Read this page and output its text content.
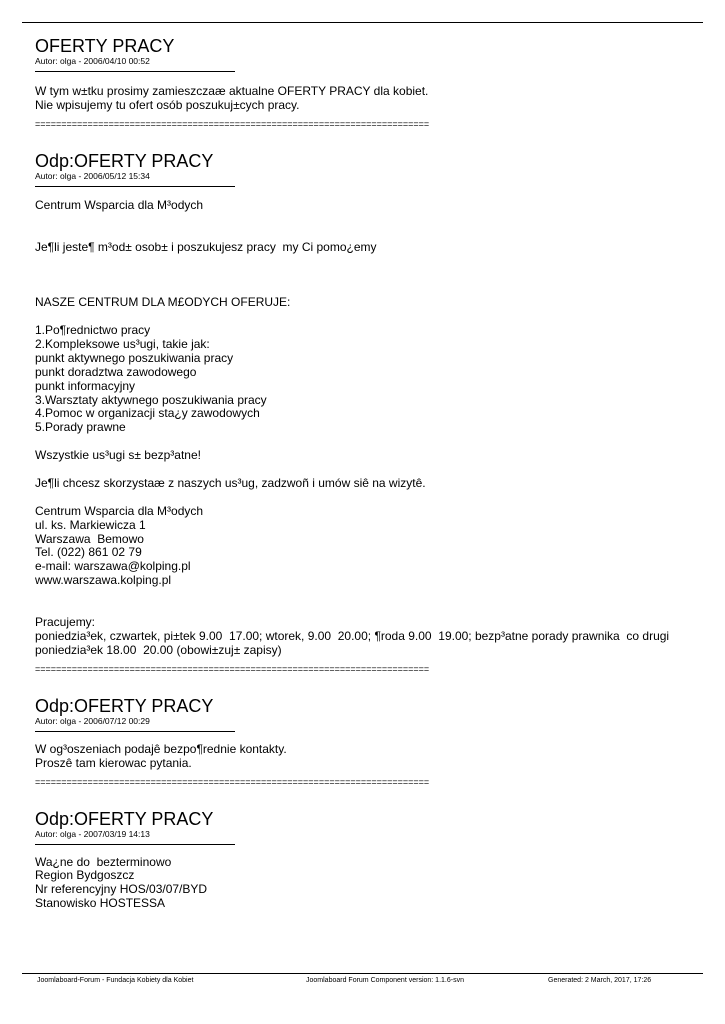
OFERTY PRACY

Autor: olga - 2006/04/10 00:52

W tym w±tku prosimy zamieszczaæ aktualne OFERTY PRACY dla kobiet.
Nie wpisujemy tu ofert osób poszukuj±cych pracy.

===========================================================================

Odp:OFERTY PRACY

Autor: olga - 2006/05/12 15:34

Centrum Wsparcia dla M³odych

Je¶li jeste¶ m³od± osob± i poszukujesz pracy  my Ci pomo¿emy

NASZE CENTRUM DLA M£ODYCH OFERUJE:

1.Po¶rednictwo pracy
2.Kompleksowe us³ugi, takie jak:
punkt aktywnego poszukiwania pracy
punkt doradztwa zawodowego
punkt informacyjny
3.Warsztaty aktywnego poszukiwania pracy
4.Pomoc w organizacji sta¿y zawodowych
5.Porady prawne

Wszystkie us³ugi s± bezp³atne!

Je¶li chcesz skorzystaæ z naszych us³ug, zadzwoñ i umów siê na wizytê.

Centrum Wsparcia dla M³odych
ul. ks. Markiewicza 1
Warszawa  Bemowo
Tel. (022) 861 02 79
e-mail: warszawa@kolping.pl
www.warszawa.kolping.pl

Pracujemy:
poniedzia³ek, czwartek, pi±tek 9.00  17.00; wtorek, 9.00  20.00; ¶roda 9.00  19.00; bezp³atne porady prawnika  co drugi
poniedzia³ek 18.00  20.00 (obowi±zuj± zapisy)

===========================================================================

Odp:OFERTY PRACY

Autor: olga - 2006/07/12 00:29

W og³oszeniach podajê bezpo¶rednie kontakty.
Proszê tam kierowac pytania.

===========================================================================

Odp:OFERTY PRACY

Autor: olga - 2007/03/19 14:13

Wa¿ne do  bezterminowo
Region Bydgoszcz
Nr referencyjny HOS/03/07/BYD
Stanowisko HOSTESSA

Joomlaboard-Forum - Fundacja Kobiety dla Kobiet	Joomlaboard Forum Component version: 1.1.6-svn	Generated: 2 March, 2017, 17:26
